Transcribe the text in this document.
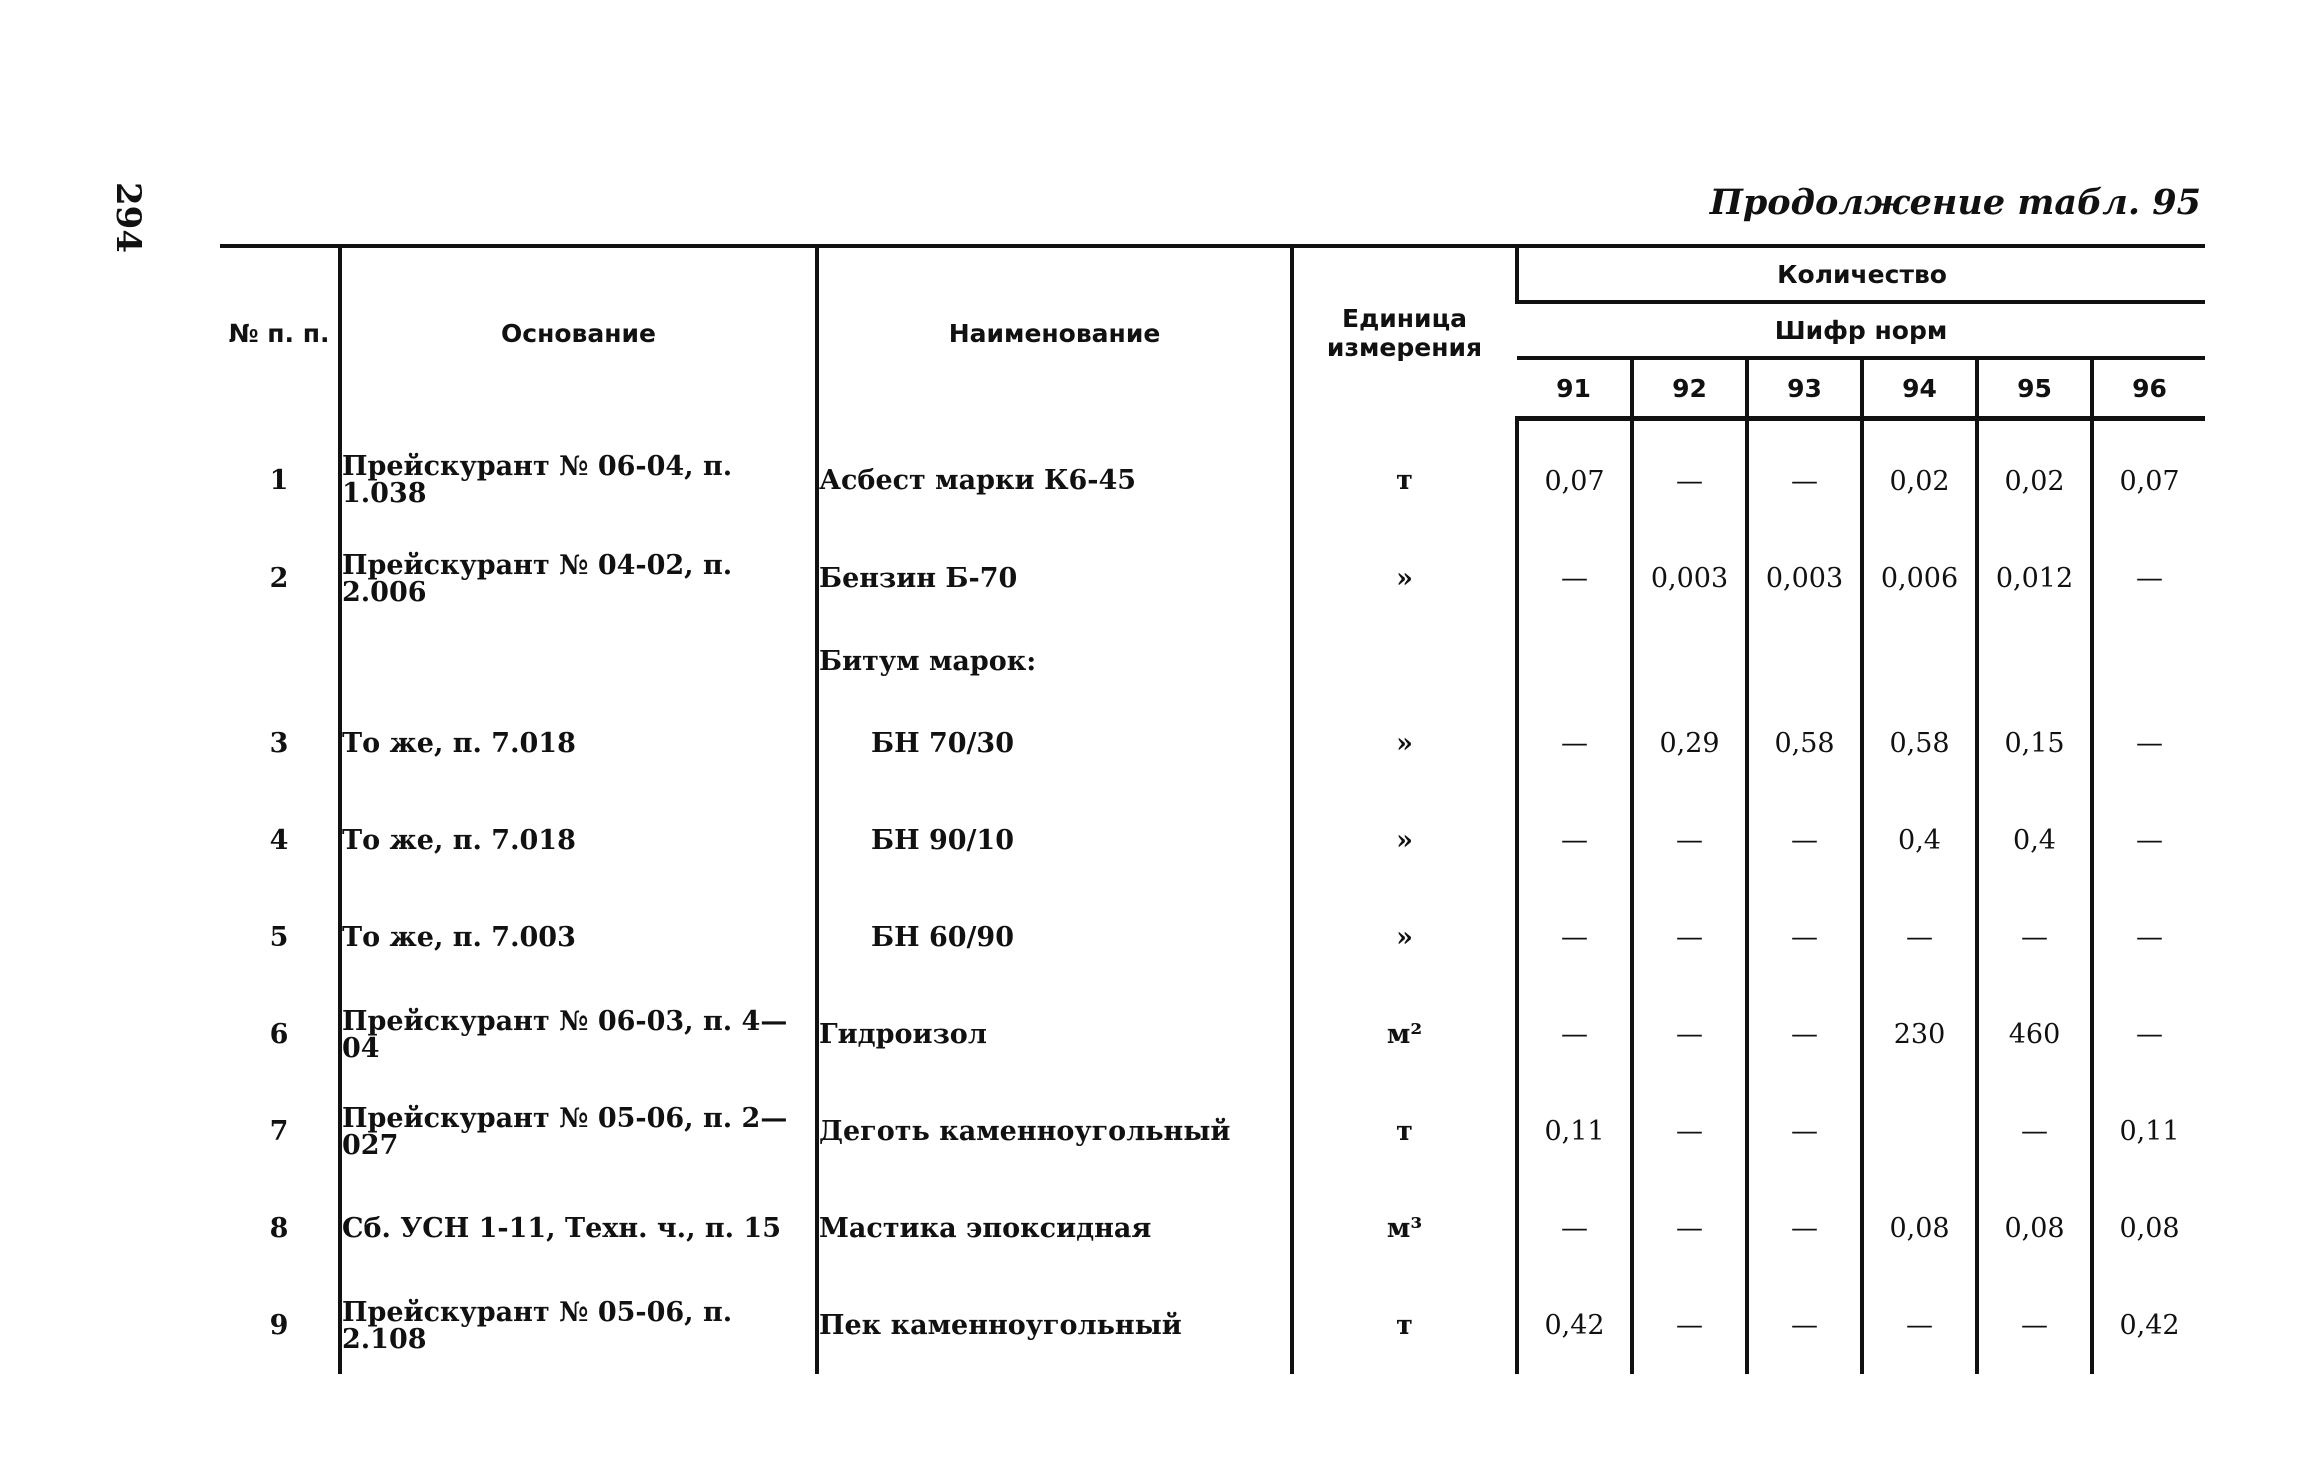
294	Продолжение табл. 95
№ п. п.	Основание	Наименование	Единица измерения	Количество					
				Шифр норм					
				91	92	93	94	95	96
1	Прейскурант № 06-04, п. 1.038	Асбест марки К6-45	т	0,07	—	—	0,02	0,02	0,07
2	Прейскурант № 04-02, п. 2.006	Бензин Б-70	»	—	0,003	0,003	0,006	0,012	—
		Битум марок:							
3	То же, п. 7.018	БН 70/30	»	—	0,29	0,58	0,58	0,15	—
4	То же, п. 7.018	БН 90/10	»	—	—	—	0,4	0,4	—
5	То же, п. 7.003	БН 60/90	»	—	—	—	—	—	—
6	Прейскурант № 06-03, п. 4—04	Гидроизол	м²	—	—	—	230	460	—
7	Прейскурант № 05-06, п. 2—027	Деготь каменноугольный	т	0,11	—	—		—	0,11
8	Сб. УСН 1-11, Техн. ч., п. 15	Мастика эпоксидная	м³	—	—	—	0,08	0,08	0,08
9	Прейскурант № 05-06, п. 2.108	Пек каменноугольный	т	0,42	—	—	—	—	0,42
